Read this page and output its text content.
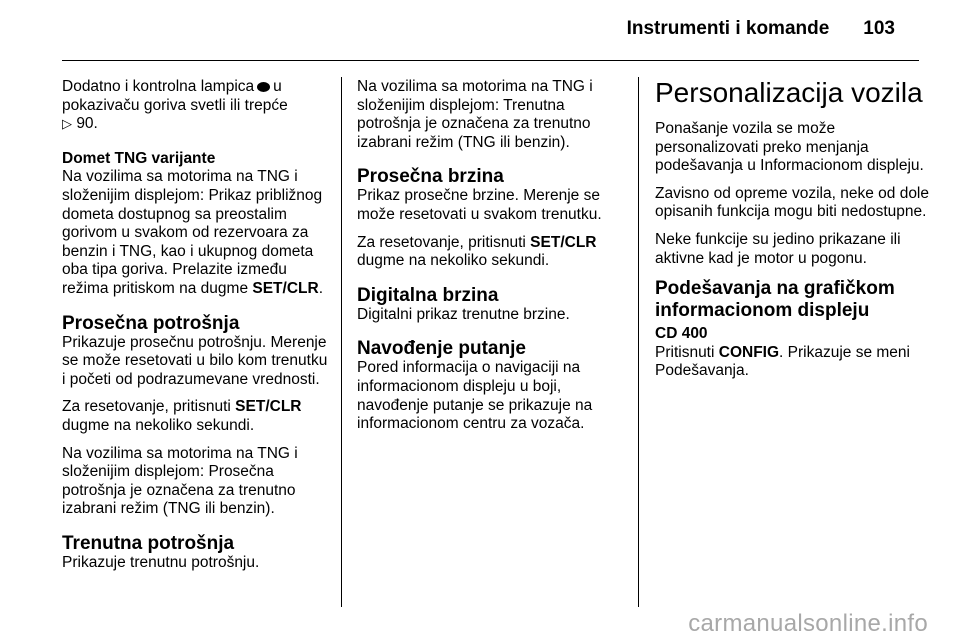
Instrumenti i komande 103

Dodatno i kontrolna lampica u pokazivaču goriva svetli ili trepće
▷ 90.

Domet TNG varijante

Na vozilima sa motorima na TNG i složenijim displejom: Prikaz približnog dometa dostupnog sa preostalim gorivom u svakom od rezervoara za benzin i TNG, kao i ukupnog dometa oba tipa goriva. Prelazite između režima pritiskom na dugme SET/CLR.

Prosečna potrošnja

Prikazuje prosečnu potrošnju. Merenje se može resetovati u bilo kom trenutku i početi od podrazumevane vrednosti.

Za resetovanje, pritisnuti SET/CLR dugme na nekoliko sekundi.

Na vozilima sa motorima na TNG i složenijim displejom: Prosečna potrošnja je označena za trenutno izabrani režim (TNG ili benzin).

Trenutna potrošnja

Prikazuje trenutnu potrošnju.

Na vozilima sa motorima na TNG i složenijim displejom: Trenutna potrošnja je označena za trenutno izabrani režim (TNG ili benzin).

Prosečna brzina

Prikaz prosečne brzine. Merenje se može resetovati u svakom trenutku.

Za resetovanje, pritisnuti SET/CLR dugme na nekoliko sekundi.

Digitalna brzina

Digitalni prikaz trenutne brzine.

Navođenje putanje

Pored informacija o navigaciji na informacionom displeju u boji, navođenje putanje se prikazuje na informacionom centru za vozača.

Personalizacija vozila

Ponašanje vozila se može personalizovati preko menjanja podešavanja u Informacionom displeju.

Zavisno od opreme vozila, neke od dole opisanih funkcija mogu biti nedostupne.

Neke funkcije su jedino prikazane ili aktivne kad je motor u pogonu.

Podešavanja na grafičkom informacionom displeju
CD 400

Pritisnuti CONFIG. Prikazuje se meni Podešavanja.

carmanualsonline.info
